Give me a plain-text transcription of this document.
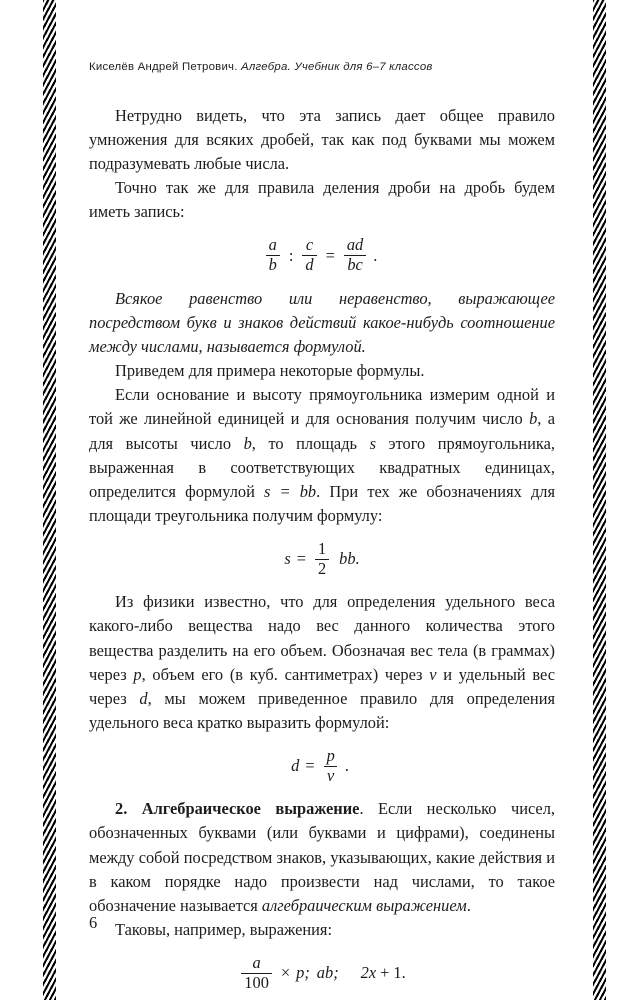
Киселёв Андрей Петрович. Алгебра. Учебник для 6–7 классов

Нетрудно видеть, что эта запись дает общее правило умножения для всяких дробей, так как под буквами мы можем подразумевать любые числа.

Точно так же для правила деления дроби на дробь будем иметь запись:

$\frac{a}{b}$ : $\frac{c}{d} = \frac{ad}{bc}$ .

Всякое равенство или неравенство, выражающее посредством букв и знаков действий какое-нибудь соотношение между числами, называется формулой.

Приведем для примера некоторые формулы.

Если основание и высоту прямоугольника измерим одной и той же линейной единицей и для основания получим число b, а для высоты число b, то площадь s этого прямоугольника, выраженная в соответствующих квадратных единицах, определится формулой s = bb. При тех же обозначениях для площади треугольника получим формулу:

$s = \frac{1}{2}$ bb.

Из физики известно, что для определения удельного веса какого-либо вещества надо вес данного количества этого вещества разделить на его объем. Обозначая вес тела (в граммах) через p, объем его (в куб. сантиметрах) через v и удельный вес через d, мы можем приведенное правило для определения удельного веса кратко выразить формулой:

$d = \frac{p}{v}$ .

2. Алгебраическое выражение. Если несколько чисел, обозначенных буквами (или буквами и цифрами), соединены между собой посредством знаков, указывающих, какие действия и в каком порядке надо произвести над числами, то такое обозначение называется алгебраическим выражением.

Таковы, например, выражения:

$\frac{a}{100} \times p$; ab; 2x + 1.
6
